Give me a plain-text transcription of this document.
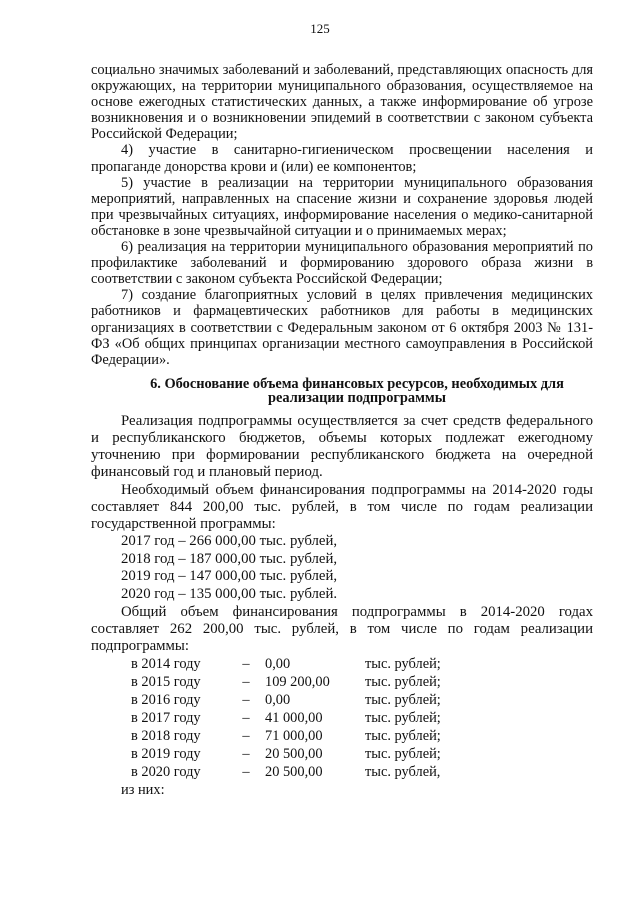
125

социально значимых заболеваний и заболеваний, представляющих опасность для окружающих, на территории муниципального образования, осуществляемое на основе ежегодных статистических данных, а также информирование об угрозе возникновения и о возникновении эпидемий в соответствии с законом субъекта Российской Федерации;

4) участие в санитарно-гигиеническом просвещении населения и пропаганде донорства крови и (или) ее компонентов;

5) участие в реализации на территории муниципального образования мероприятий, направленных на спасение жизни и сохранение здоровья людей при чрезвычайных ситуациях, информирование населения о медико-санитарной обстановке в зоне чрезвычайной ситуации и о принимаемых мерах;

6) реализация на территории муниципального образования мероприятий по профилактике заболеваний и формированию здорового образа жизни в соответствии с законом субъекта Российской Федерации;

7) создание благоприятных условий в целях привлечения медицинских работников и фармацевтических работников для работы в медицинских организациях в соответствии с Федеральным законом от 6 октября 2003 № 131-ФЗ «Об общих принципах организации местного самоуправления в Российской Федерации».

6. Обоснование объема финансовых ресурсов, необходимых для
реализации подпрограммы

Реализация подпрограммы осуществляется за счет средств федерального и республиканского бюджетов, объемы которых подлежат ежегодному уточнению при формировании республиканского бюджета на очередной финансовый год и плановый период.

Необходимый объем финансирования подпрограммы на 2014-2020 годы составляет 844 200,00 тыс. рублей, в том числе по годам реализации государственной программы:

2017 год – 266 000,00 тыс. рублей,
2018 год – 187 000,00 тыс. рублей,
2019 год – 147 000,00 тыс. рублей,
2020 год – 135 000,00 тыс. рублей.

Общий объем финансирования подпрограммы в 2014-2020 годах составляет 262 200,00 тыс. рублей, в том числе по годам реализации подпрограммы:

в 2014 году	–	0,00	тыс. рублей;
в 2015 году	–	109 200,00	тыс. рублей;
в 2016 году	–	0,00	тыс. рублей;
в 2017 году	–	41 000,00	тыс. рублей;
в 2018 году	–	71 000,00	тыс. рублей;
в 2019 году	–	20 500,00	тыс. рублей;
в 2020 году	–	20 500,00	тыс. рублей,
из них:
